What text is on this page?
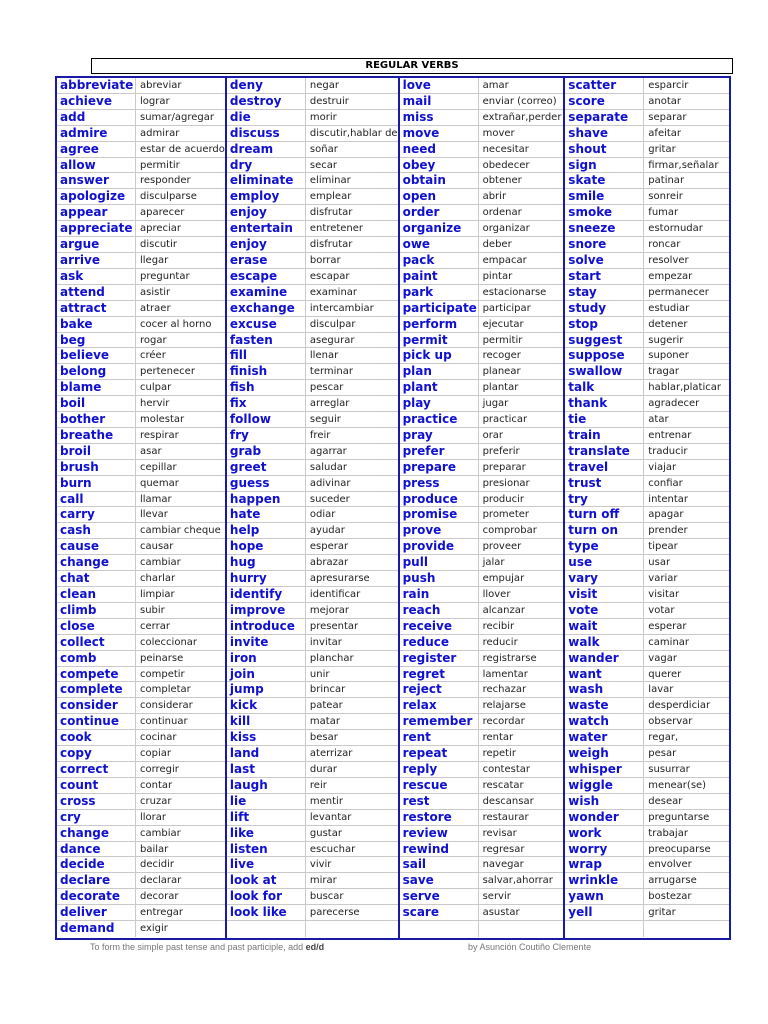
REGULAR VERBS
abbreviate abreviar
achieve	lograr
add	sumar/agregar
admire	admirar
agree	estar de acuerdo
allow	permitir
answer	responder
apologize	disculparse
appear	aparecer
appreciate apreciar
argue	discutir
arrive	llegar
ask	preguntar
attend	asistir
attract	atraer
bake	cocer al horno
beg	rogar
believe	créer
belong	pertenecer
blame	culpar
boil	hervir
bother	molestar
breathe	respirar
broil	asar
brush	cepillar
burn	quemar
call	llamar
carry	llevar
cash	cambiar cheque
cause	causar
change	cambiar
chat	charlar
clean	limpiar
climb	subir
close	cerrar
collect	coleccionar
comb	peinarse
compete	competir
complete	completar
consider	considerar
continue	continuar
cook	cocinar
copy	copiar
correct	corregir
count	contar
cross	cruzar
cry	llorar
change	cambiar
dance	bailar
decide	decidir
declare	declarar
decorate	decorar
deliver	entregar
demand	exigir
deny	negar
destroy	destruir
die	morir
discuss	discutir,hablar de
dream	soñar
dry	secar
eliminate	eliminar
employ	emplear
enjoy	disfrutar
entertain	entretener
enjoy	disfrutar
erase	borrar
escape	escapar
examine	examinar
exchange	intercambiar
excuse	disculpar
fasten	asegurar
fill	llenar
finish	terminar
fish	pescar
fix	arreglar
follow	seguir
fry	freir
grab	agarrar
greet	saludar
guess	adivinar
happen	suceder
hate	odiar
help	ayudar
hope	esperar
hug	abrazar
hurry	apresurarse
identify	identificar
improve	mejorar
introduce	presentar
invite	invitar
iron	planchar
join	unir
jump	brincar
kick	patear
kill	matar
kiss	besar
land	aterrizar
last	durar
laugh	reir
lie	mentir
lift	levantar
like	gustar
listen	escuchar
live	vivir
look at	mirar
look for	buscar
look like	parecerse
love	amar
mail	enviar (correo)
miss	extrañar,perder
move	mover
need	necesitar
obey	obedecer
obtain	obtener
open	abrir
order	ordenar
organize	organizar
owe	deber
pack	empacar
paint	pintar
park	estacionarse
participate participar
perform	ejecutar
permit	permitir
pick up	recoger
plan	planear
plant	plantar
play	jugar
practice	practicar
pray	orar
prefer	preferir
prepare	preparar
press	presionar
produce	producir
promise	prometer
prove	comprobar
provide	proveer
pull	jalar
push	empujar
rain	llover
reach	alcanzar
receive	recibir
reduce	reducir
register	registrarse
regret	lamentar
reject	rechazar
relax	relajarse
remember	recordar
rent	rentar
repeat	repetir
reply	contestar
rescue	rescatar
rest	descansar
restore	restaurar
review	revisar
rewind	regresar
sail	navegar
save	salvar,ahorrar
serve	servir
scare	asustar
scatter	esparcir
score	anotar
separate	separar
shave	afeitar
shout	gritar
sign	firmar,señalar
skate	patinar
smile	sonreir
smoke	fumar
sneeze	estornudar
snore	roncar
solve	resolver
start	empezar
stay	permanecer
study	estudiar
stop	detener
suggest	sugerir
suppose	suponer
swallow	tragar
talk	hablar,platicar
thank	agradecer
tie	atar
train	entrenar
translate	traducir
travel	viajar
trust	confiar
try	intentar
turn off	apagar
turn on	prender
type	tipear
use	usar
vary	variar
visit	visitar
vote	votar
wait	esperar
walk	caminar
wander	vagar
want	querer
wash	lavar
waste	desperdiciar
watch	observar
water	regar,
weigh	pesar
whisper	susurrar
wiggle	menear(se)
wish	desear
wonder	preguntarse
work	trabajar
worry	preocuparse
wrap	envolver
wrinkle	arrugarse
yawn	bostezar
yell	gritar
To form the simple past tense and past participle, add ed/d	by Asunción Coutiño Clemente
